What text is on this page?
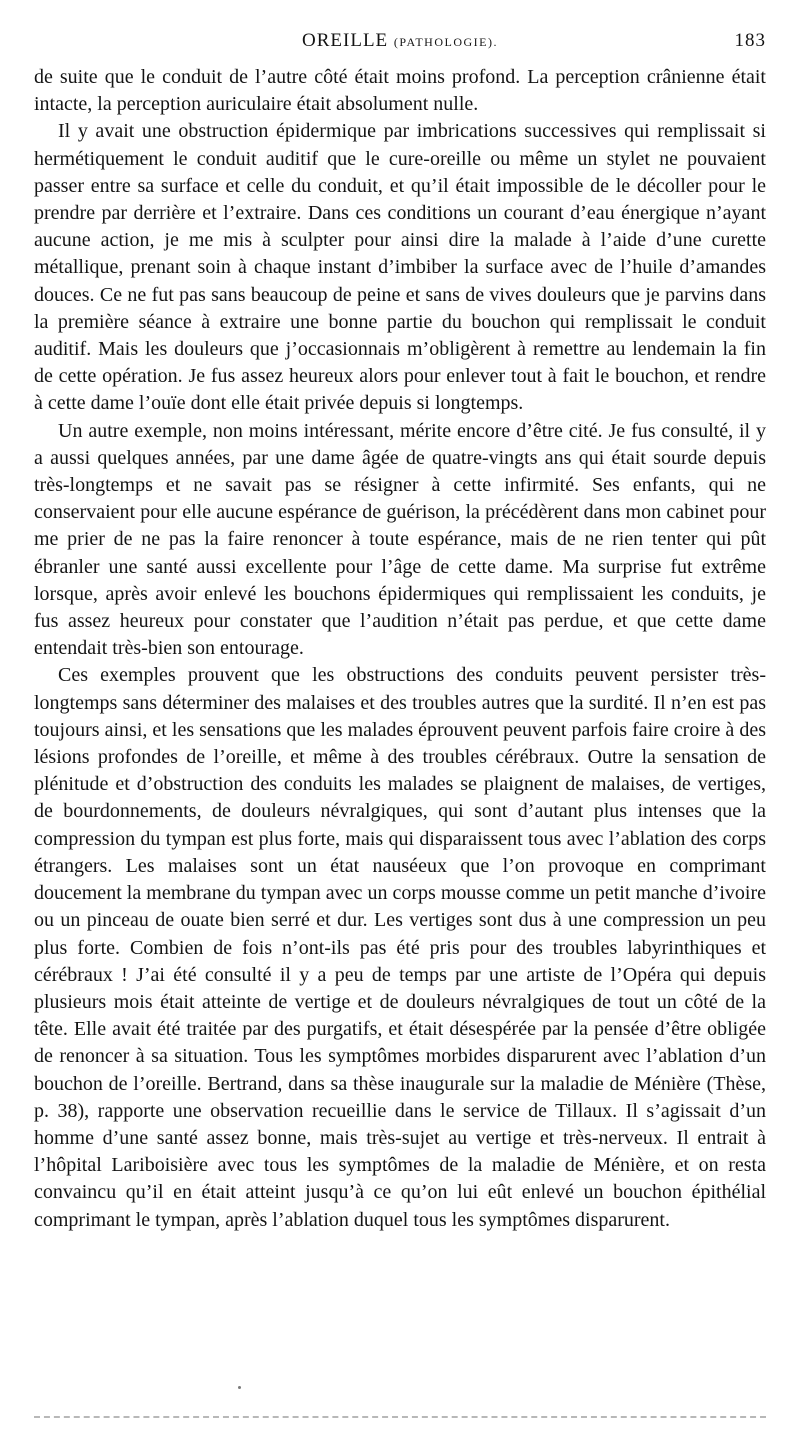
OREILLE (PATHOLOGIE).	183

de suite que le conduit de l’autre côté était moins profond. La perception crânienne était intacte, la perception auriculaire était absolument nulle.

Il y avait une obstruction épidermique par imbrications successives qui remplissait si hermétiquement le conduit auditif que le cure-oreille ou même un stylet ne pouvaient passer entre sa surface et celle du conduit, et qu’il était impossible de le décoller pour le prendre par derrière et l’extraire. Dans ces conditions un courant d’eau énergique n’ayant aucune action, je me mis à sculpter pour ainsi dire la malade à l’aide d’une curette métallique, prenant soin à chaque instant d’imbiber la surface avec de l’huile d’amandes douces. Ce ne fut pas sans beaucoup de peine et sans de vives douleurs que je parvins dans la première séance à extraire une bonne partie du bouchon qui remplissait le conduit auditif. Mais les douleurs que j’occasionnais m’obligèrent à remettre au lendemain la fin de cette opération. Je fus assez heureux alors pour enlever tout à fait le bouchon, et rendre à cette dame l’ouïe dont elle était privée depuis si longtemps.

Un autre exemple, non moins intéressant, mérite encore d’être cité. Je fus consulté, il y a aussi quelques années, par une dame âgée de quatre-vingts ans qui était sourde depuis très-longtemps et ne savait pas se résigner à cette infirmité. Ses enfants, qui ne conservaient pour elle aucune espérance de guérison, la précédèrent dans mon cabinet pour me prier de ne pas la faire renoncer à toute espérance, mais de ne rien tenter qui pût ébranler une santé aussi excellente pour l’âge de cette dame. Ma surprise fut extrême lorsque, après avoir enlevé les bouchons épidermiques qui remplissaient les conduits, je fus assez heureux pour constater que l’audition n’était pas perdue, et que cette dame entendait très-bien son entourage.

Ces exemples prouvent que les obstructions des conduits peuvent persister très-longtemps sans déterminer des malaises et des troubles autres que la surdité. Il n’en est pas toujours ainsi, et les sensations que les malades éprouvent peuvent parfois faire croire à des lésions profondes de l’oreille, et même à des troubles cérébraux. Outre la sensation de plénitude et d’obstruction des conduits les malades se plaignent de malaises, de vertiges, de bourdonnements, de douleurs névralgiques, qui sont d’autant plus intenses que la compression du tympan est plus forte, mais qui disparaissent tous avec l’ablation des corps étrangers. Les malaises sont un état nauséeux que l’on provoque en comprimant doucement la membrane du tympan avec un corps mousse comme un petit manche d’ivoire ou un pinceau de ouate bien serré et dur. Les vertiges sont dus à une compression un peu plus forte. Combien de fois n’ont-ils pas été pris pour des troubles labyrinthiques et cérébraux ! J’ai été consulté il y a peu de temps par une artiste de l’Opéra qui depuis plusieurs mois était atteinte de vertige et de douleurs névralgiques de tout un côté de la tête. Elle avait été traitée par des purgatifs, et était désespérée par la pensée d’être obligée de renoncer à sa situation. Tous les symptômes morbides disparurent avec l’ablation d’un bouchon de l’oreille. Bertrand, dans sa thèse inaugurale sur la maladie de Ménière (Thèse, p. 38), rapporte une observation recueillie dans le service de Tillaux. Il s’agissait d’un homme d’une santé assez bonne, mais très-sujet au vertige et très-nerveux. Il entrait à l’hôpital Lariboisière avec tous les symptômes de la maladie de Ménière, et on resta convaincu qu’il en était atteint jusqu’à ce qu’on lui eût enlevé un bouchon épithélial comprimant le tympan, après l’ablation duquel tous les symptômes disparurent.
